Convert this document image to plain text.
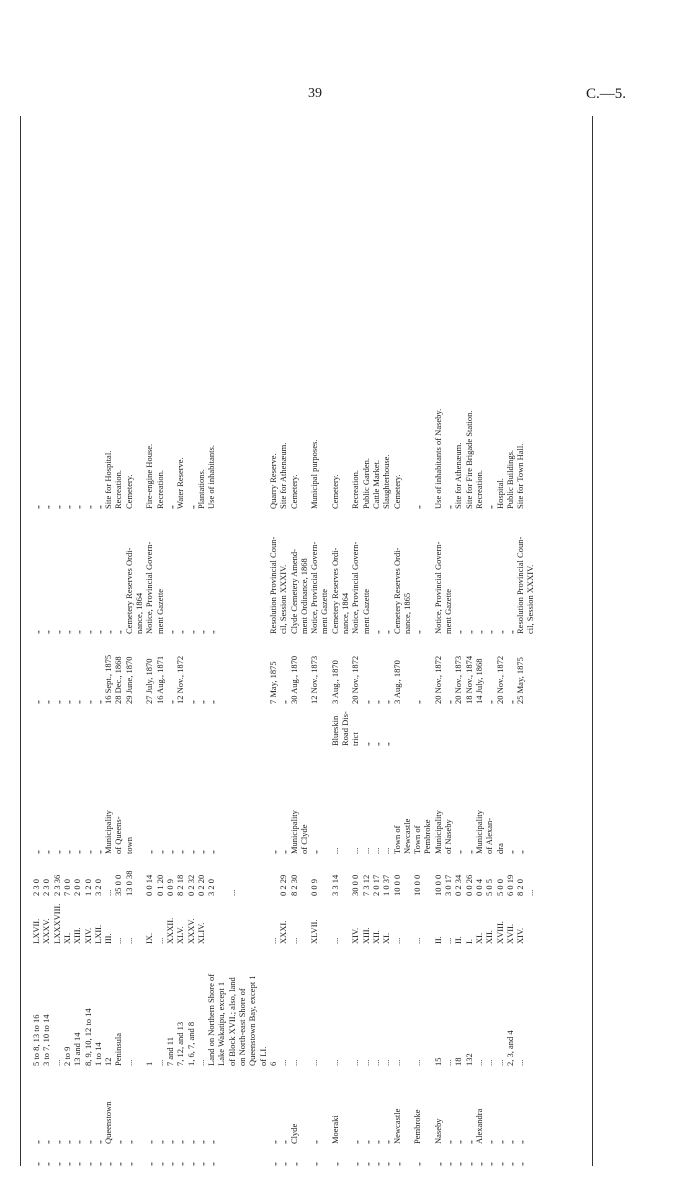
39	C.—5.
„
„
5 to 8, 13 to 16
LXVII.
2 3 0
„
„
„
„
„
„
3 to 7, 10 to 14
XXXV.
2 3 0
„
„
„
„
„
„
...
LXXXVIII.
2 3 36
„
„
„
„
„
„
2 to 9
XI.
7 0 0
„
„
„
„
„
„
13 and 14
XIII.
2 0 0
„
„
„
„
„
„
8, 9, 10, 12 to 14
XIV.
1 2 0
„
„
„
„
„
„
1 to 14
LXII.
3 2 0
„
„
„
„
„
Queenstown
12
III.
...
Municipality
16 Sept., 1875
„
Site for Hospital.
„
„
Peninsula
...
35 0 0
of Queens-
28 Dec., 1868
„
Recreation.
„
„
...
...
13 0 38
town
29 June, 1870
Cemetery Reserves Ordi-
Cemetery.
nance, 1864
„
„
1
IX.
0 0 14
„
27 July, 1870
Notice, Provincial Govern-
Fire-engine House.
„
„
...
...
0 1 20
„
16 Aug., 1871
ment Gazette
Recreation.
„
„
7 and 11
XXXII.
0 0 9
„
„
„
„
„
„
7, 12, and 13
XLV.
8 2 18
„
12 Nov., 1872
„
Water Reserve.
„
„
1, 6, 7, and 8
XXXV.
0 2 32
„
„
„
„
„
„
...
XLIV.
0 2 20
„
„
„
Plantations.
„
„
Land on Northern Shore of
3 2 0
„
„
„
Use of inhabitants.
Lake Wakatipu, except 1 of Block XVII.; also, land
...
on North-east Shore of Queenstown Bay, except 1 of LI.
„
„
6
...
„
7 May, 1875
Resolution Provincial Coun-
Quarry Reserve.
„
„
...
XXXI.
0 2 29
„
„
cil, Session XXXIV.
Site for Athenæum.
„
Clyde
...
...
8 2 30
Municipality
30 Aug., 1870
Clyde Cemetery Amend-
Cemetery.
of Clyde
ment Ordinance, 1868
„
„
...
XLVII.
0 0 9
„
12 Nov., 1873
Notice, Provincial Govern-
Municipal purposes.
ment Gazette
„
Moeraki
...
...
3 3 14
...
Blueskin
3 Aug., 1870
Cemetery Reserves Ordi-
Cemetery.
Road Dis-
nance, 1864
„
„
...
XIV.
30 0 0
...
trict
20 Nov., 1872
Notice, Provincial Govern-
Recreation.
„
„
...
XIII.
7 3 12
...
„
„
ment Gazette
Public Garden.
„
„
...
XII.
2 0 17
...
„
„
„
Cattle Market.
„
„
...
XI.
1 0 37
...
„
„
„
Slaughterhouse.
„
Newcastle
...
...
10 0 0
Town of
3 Aug., 1870
Cemetery Reserves Ordi-
Cemetery.
Newcastle
nance, 1865
„
Pembroke
...
...
10 0 0
Town of
„
„
„
Pembroke
„
Naseby
15
II.
10 0 0
Municipality
20 Nov., 1872
Notice, Provincial Govern-
Use of inhabitants of Naseby.
„
„
...
...
3 0 17
of Naseby
„
ment Gazette
„
„
„
18
II.
0 2 34
„
20 Nov., 1873
„
Site for Athenæum.
„
„
132
I.
0 0 26
„
18 Nov., 1874
„
Site for Fire Brigade Station.
„
Alexandra
...
XI.
0 0 4
Municipality
14 July, 1868
„
Recreation.
„
„
...
XII.
5 0 5
of Alexan-
„
„
„
„
„
...
XVIII.
5 0 0
dra
20 Nov., 1872
„
Hospital.
„
„
2, 3, and 4
XVII.
6 0 19
„
„
„
Public Buildings.
„
„
...
XIV.
8 2 0
„
25 May, 1875
Resolution Provincial Coun-
Site for Town Hall.
...
cil, Session XXXIV.
